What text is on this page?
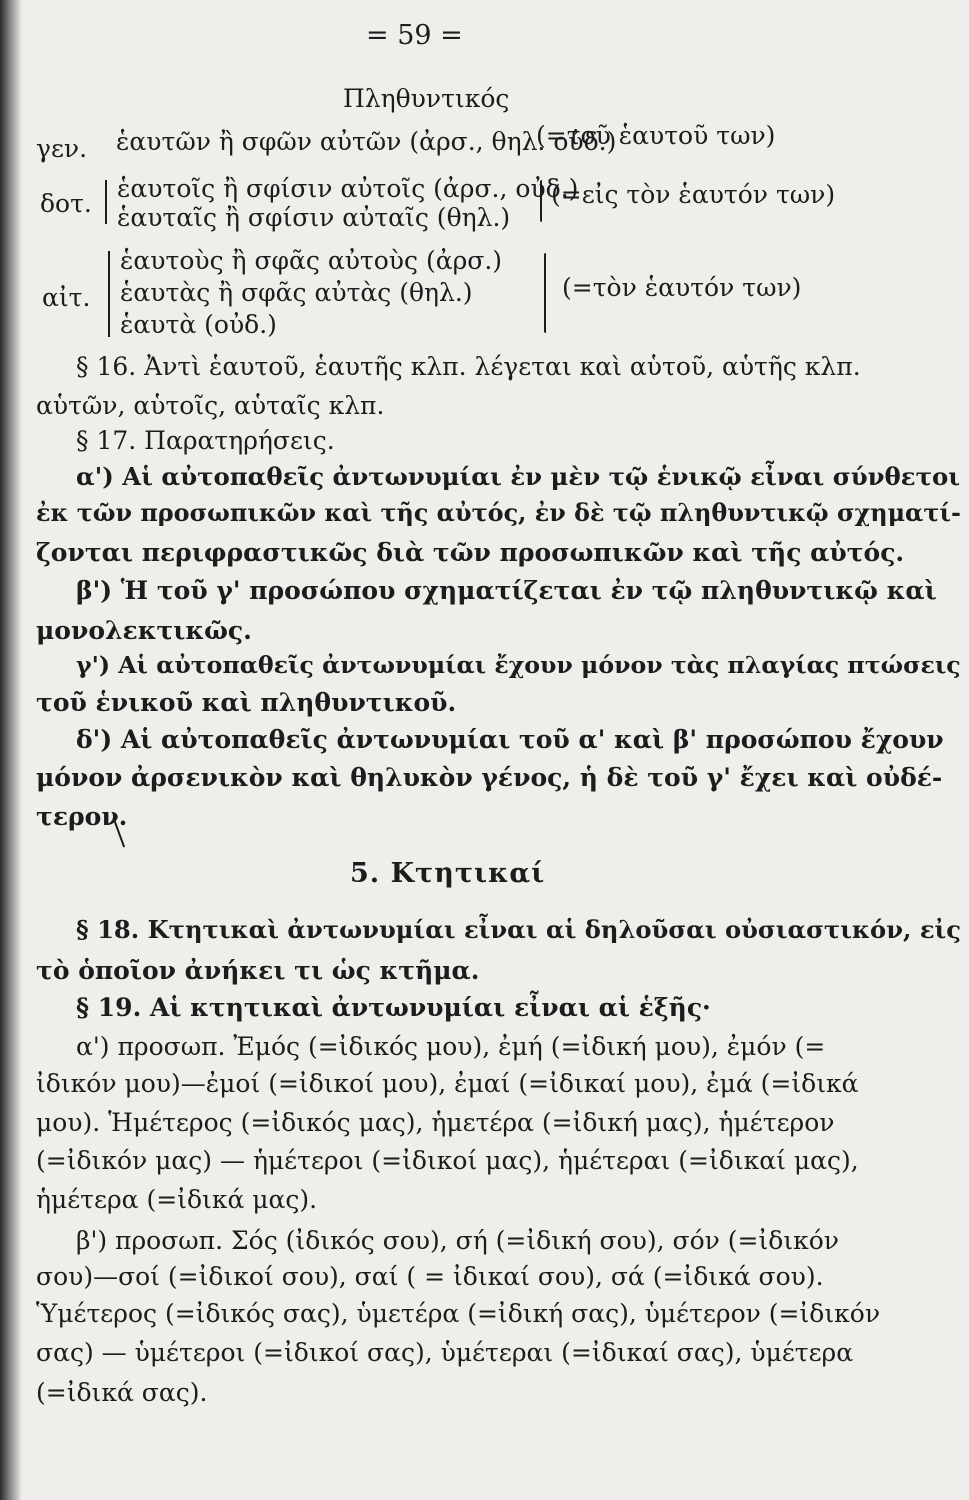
= 59 =
Πληθυντικός
γεν. ἑαυτῶν ἢ σφῶν αὐτῶν (ἀρσ., θηλ. οὐδ.)
(=τοῦ ἑαυτοῦ των)
δοτ.
ἑαυτοῖς ἢ σφίσιν αὐτοῖς (ἀρσ., οὐδ.)
ἑαυταῖς ἢ σφίσιν αὐταῖς (θηλ.)
(=εἰς τὸν ἑαυτόν των)
αἰτ.
ἑαυτοὺς ἢ σφᾶς αὐτοὺς (ἀρσ.)
ἑαυτὰς ἢ σφᾶς αὐτὰς (θηλ.)
ἑαυτὰ (οὐδ.)
(=τὸν ἑαυτόν των)
§ 16. Ἀντὶ ἑαυτοῦ, ἑαυτῆς κλπ. λέγεται καὶ αὑτοῦ, αὑτῆς κλπ.
αὑτῶν, αὑτοῖς, αὑταῖς κλπ.
§ 17. Παρατηρήσεις.
α') Αἱ αὐτοπαθεῖς ἀντωνυμίαι ἐν μὲν τῷ ἑνικῷ εἶναι σύνθετοι
ἐκ τῶν προσωπικῶν καὶ τῆς αὐτός, ἐν δὲ τῷ πληθυντικῷ σχηματί-
ζονται περιφραστικῶς διὰ τῶν προσωπικῶν καὶ τῆς αὐτός.
β') Ἡ τοῦ γ' προσώπου σχηματίζεται ἐν τῷ πληθυντικῷ καὶ
μονολεκτικῶς.
γ') Αἱ αὐτοπαθεῖς ἀντωνυμίαι ἔχουν μόνον τὰς πλαγίας πτώσεις
τοῦ ἑνικοῦ καὶ πληθυντικοῦ.
δ') Αἱ αὐτοπαθεῖς ἀντωνυμίαι τοῦ α' καὶ β' προσώπου ἔχουν
μόνον ἀρσενικὸν καὶ θηλυκὸν γένος, ἡ δὲ τοῦ γ' ἔχει καὶ οὐδέ-
τερον.
5. Κτητικαί
§ 18. Κτητικαὶ ἀντωνυμίαι εἶναι αἱ δηλοῦσαι οὐσιαστικόν, εἰς
τὸ ὁποῖον ἀνήκει τι ὡς κτῆμα.
§ 19. Αἱ κτητικαὶ ἀντωνυμίαι εἶναι αἱ ἑξῆς·
α') προσωπ. Ἐμός (=ἰδικός μου), ἐμή (=ἰδική μου), ἐμόν (=
ἰδικόν μου)—ἐμοί (=ἰδικοί μου), ἐμαί (=ἰδικαί μου), ἐμά (=ἰδικά
μου). Ἡμέτερος (=ἰδικός μας), ἡμετέρα (=ἰδική μας), ἡμέτερον
(=ἰδικόν μας) — ἡμέτεροι (=ἰδικοί μας), ἡμέτεραι (=ἰδικαί μας),
ἡμέτερα (=ἰδικά μας).
β') προσωπ. Σός (ἰδικός σου), σή (=ἰδική σου), σόν (=ἰδικόν
σου)—σοί (=ἰδικοί σου), σαί ( = ἰδικαί σου), σά (=ἰδικά σου).
Ὑμέτερος (=ἰδικός σας), ὑμετέρα (=ἰδική σας), ὑμέτερον (=ἰδικόν
σας) — ὑμέτεροι (=ἰδικοί σας), ὑμέτεραι (=ἰδικαί σας), ὑμέτερα
(=ἰδικά σας).
